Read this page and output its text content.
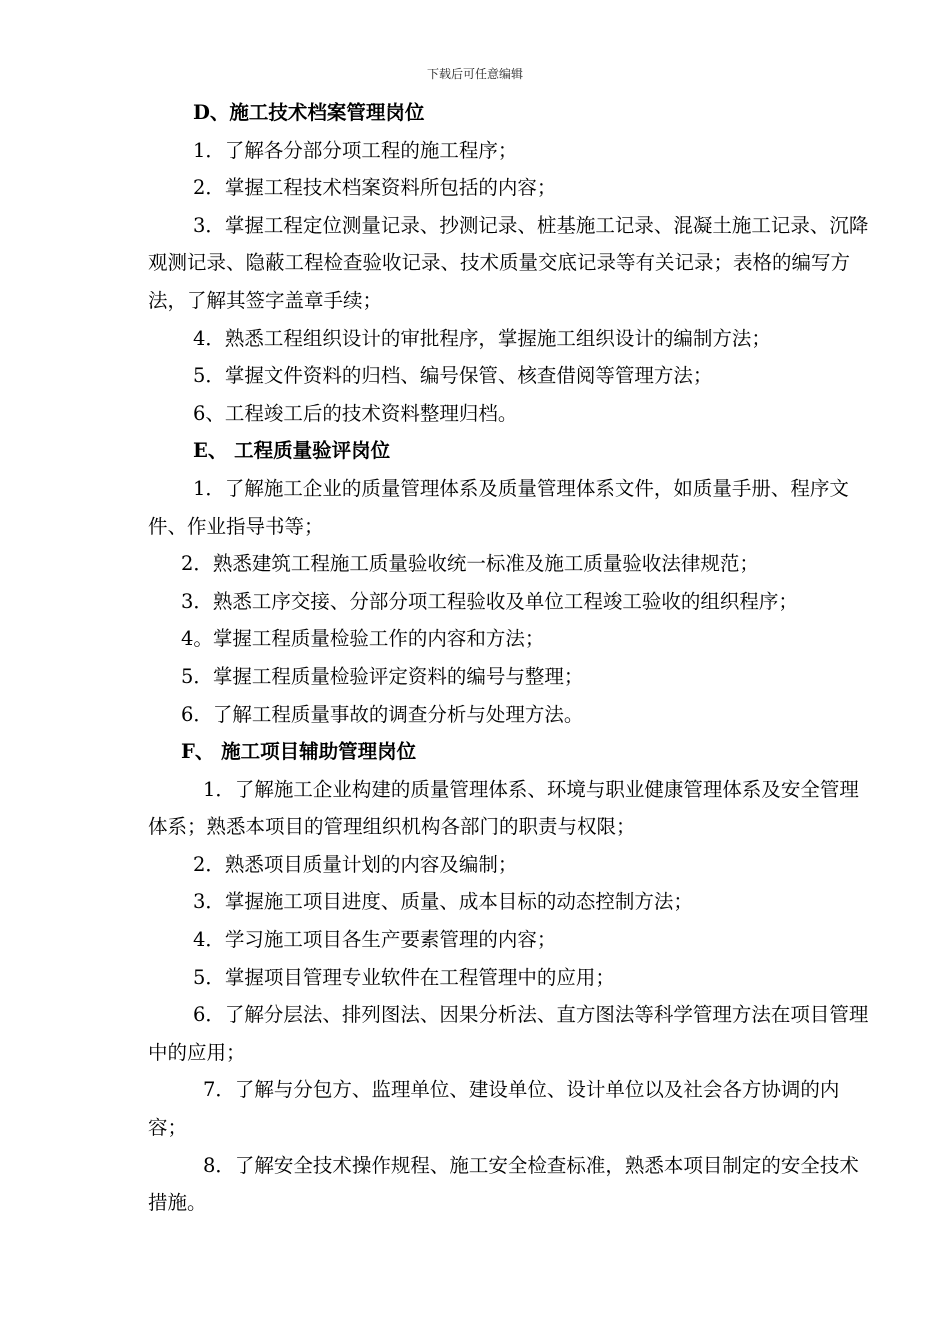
下载后可任意编辑

D、施工技术档案管理岗位

1．了解各分部分项工程的施工程序；

2．掌握工程技术档案资料所包括的内容；

3．掌握工程定位测量记录、抄测记录、桩基施工记录、混凝土施工记录、沉降观测记录、隐蔽工程检查验收记录、技术质量交底记录等有关记录；表格的编写方法，了解其签字盖章手续；

4．熟悉工程组织设计的审批程序，掌握施工组织设计的编制方法；

5．掌握文件资料的归档、编号保管、核查借阅等管理方法；

6、工程竣工后的技术资料整理归档。

E、 工程质量验评岗位

1．了解施工企业的质量管理体系及质量管理体系文件，如质量手册、程序文件、作业指导书等；

2．熟悉建筑工程施工质量验收统一标准及施工质量验收法律规范；

3．熟悉工序交接、分部分项工程验收及单位工程竣工验收的组织程序；

4。掌握工程质量检验工作的内容和方法；

5．掌握工程质量检验评定资料的编号与整理；

6．了解工程质量事故的调查分析与处理方法。

F、 施工项目辅助管理岗位

1．了解施工企业构建的质量管理体系、环境与职业健康管理体系及安全管理体系；熟悉本项目的管理组织机构各部门的职责与权限；

2．熟悉项目质量计划的内容及编制；

3．掌握施工项目进度、质量、成本目标的动态控制方法；

4．学习施工项目各生产要素管理的内容；

5．掌握项目管理专业软件在工程管理中的应用；

6．了解分层法、排列图法、因果分析法、直方图法等科学管理方法在项目管理中的应用；

7．了解与分包方、监理单位、建设单位、设计单位以及社会各方协调的内容；

8．了解安全技术操作规程、施工安全检查标准，熟悉本项目制定的安全技术措施。
